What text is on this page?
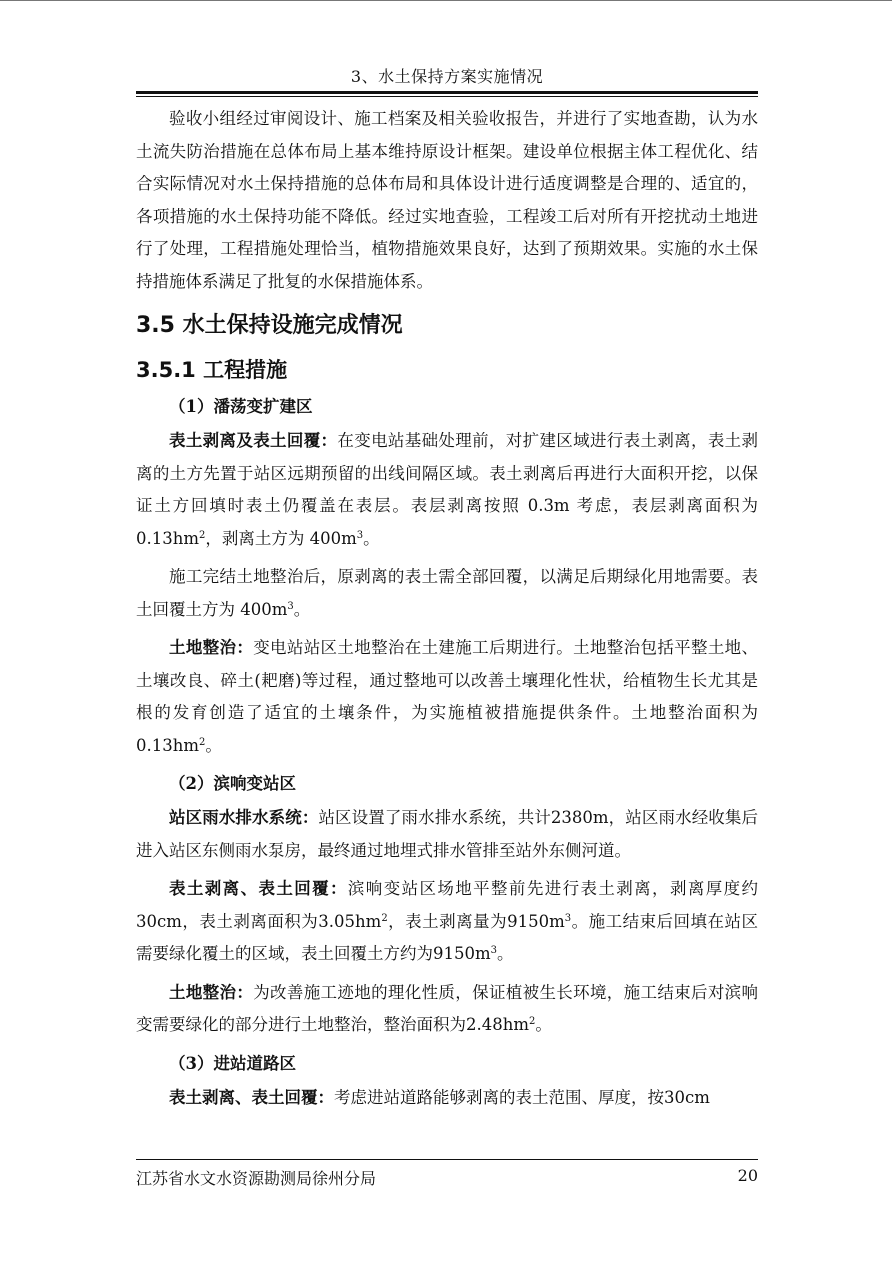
3、水土保持方案实施情况

验收小组经过审阅设计、施工档案及相关验收报告，并进行了实地查勘，认为水土流失防治措施在总体布局上基本维持原设计框架。建设单位根据主体工程优化、结合实际情况对水土保持措施的总体布局和具体设计进行适度调整是合理的、适宜的，各项措施的水土保持功能不降低。经过实地查验，工程竣工后对所有开挖扰动土地进行了处理，工程措施处理恰当，植物措施效果良好，达到了预期效果。实施的水土保持措施体系满足了批复的水保措施体系。

3.5 水土保持设施完成情况
3.5.1 工程措施
（1）潘荡变扩建区

表土剥离及表土回覆：在变电站基础处理前，对扩建区域进行表土剥离，表土剥离的土方先置于站区远期预留的出线间隔区域。表土剥离后再进行大面积开挖，以保证土方回填时表土仍覆盖在表层。表层剥离按照 0.3m 考虑，表层剥离面积为 $0.13hm^2$，剥离土方为 $400m^3$。

施工完结土地整治后，原剥离的表土需全部回覆，以满足后期绿化用地需要。表土回覆土方为 $400m^3$。

土地整治：变电站站区土地整治在土建施工后期进行。土地整治包括平整土地、土壤改良、碎土(耙磨)等过程，通过整地可以改善土壤理化性状，给植物生长尤其是根的发育创造了适宜的土壤条件，为实施植被措施提供条件。土地整治面积为$0.13hm^2$。

（2）滨响变站区

站区雨水排水系统：站区设置了雨水排水系统，共计2380m，站区雨水经收集后进入站区东侧雨水泵房，最终通过地埋式排水管排至站外东侧河道。

表土剥离、表土回覆：滨响变站区场地平整前先进行表土剥离，剥离厚度约30cm，表土剥离面积为$3.05hm^2$，表土剥离量为$9150m^3$。施工结束后回填在站区需要绿化覆土的区域，表土回覆土方约为$9150m^3$。

土地整治：为改善施工迹地的理化性质，保证植被生长环境，施工结束后对滨响变需要绿化的部分进行土地整治，整治面积为$2.48hm^2$。

（3）进站道路区

表土剥离、表土回覆：考虑进站道路能够剥离的表土范围、厚度，按30cm

江苏省水文水资源勘测局徐州分局	20
